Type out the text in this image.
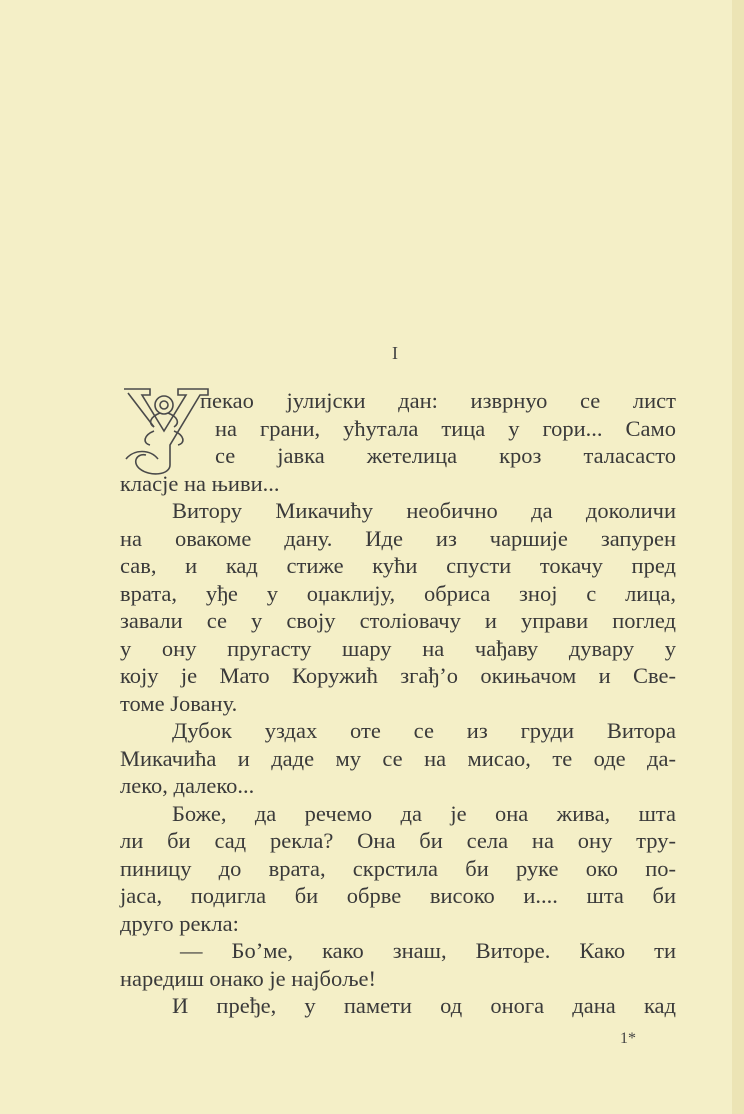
I
пекао јулијски дан: изврнуо се лист
на грани, ућутала тица у гори... Само
се јавка жетелица кроз таласасто
класје на њиви...
Витору Микачићу необично да доколичи
на овакоме дану. Иде из чаршије запурен
сав, и кад стиже кући спусти токачу пред
врата, уђе у оџаклију, обриса зној с лица,
завали се у своју століовачу и управи поглед
у ону пругасту шару на чађаву дувару у
коју је Мато Коружић згађ’о окињачом и Све-
томе Јовану.
Дубок уздах оте се из груди Витора
Микачића и даде му се на мисао, те оде да-
леко, далеко...
Боже, да речемо да је она жива, шта
ли би сад рекла? Она би села на ону тру-
пиницу до врата, скрстила би руке око по-
јаса, подигла би обрве високо и.... шта би
друго рекла:
— Бо’ме, како знаш, Виторе. Како ти
наредиш онако је најбоље!
И пређе, у памети од онога дана кад
1*
